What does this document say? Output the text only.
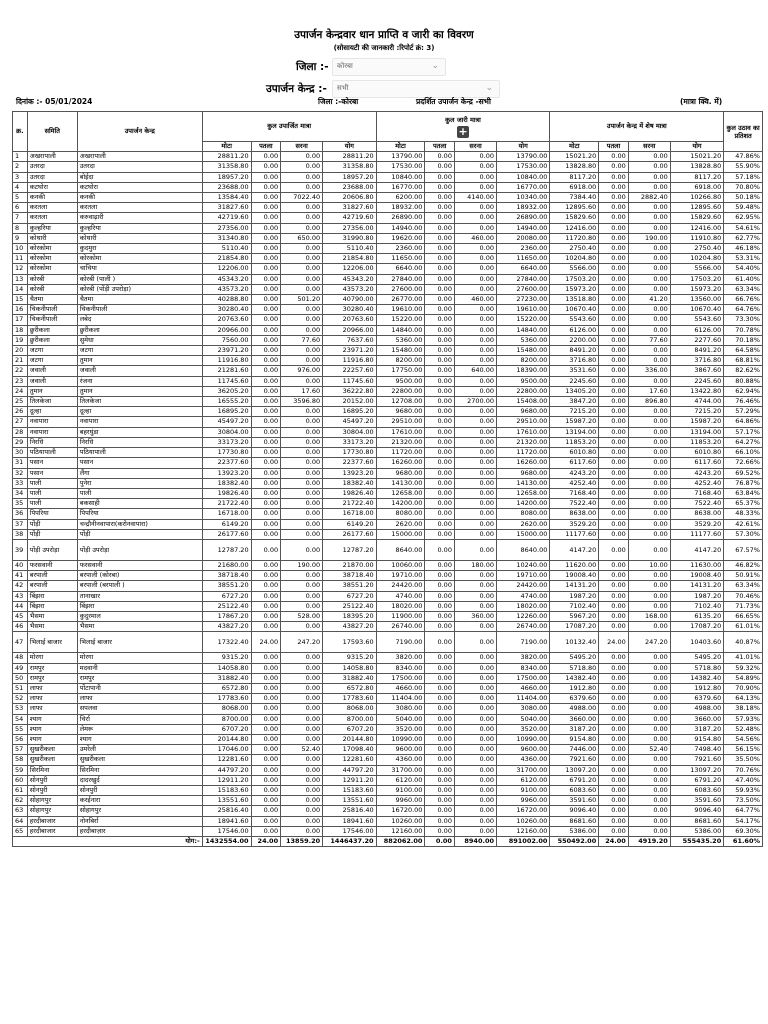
उपार्जन केन्द्रवार धान प्राप्ति व जारी का विवरण
(सोसायटी की जानकारी :रिपोर्ट क्रं: 3)
जिला :-	कोरबा	⌄
उपार्जन केन्द्र :-	सभी	⌄
दिनांक :- 05/01/2024	जिला :-कोरबा	प्रदर्शित उपार्जन केन्द्र -सभी	(मात्रा क्वि. में)
क्र.	समिति	उपार्जन केन्द्र	कुल उपार्जित मात्रा				कुल जारी मात्रा
+				उपार्जन केन्द्र में शेष मात्रा				कुल उठाव का प्रतिशत
			मोटा	पतला	सरना	योग	मोटा	पतला	सरना	योग	मोटा	पतला	सरना	योग	
1	अखरापाली	अखरापाली	28811.20	0.00	0.00	28811.20	13790.00	0.00	0.00	13790.00	15021.20	0.00	0.00	15021.20	47.86%
2	उतरदा	उतरदा	31358.80	0.00	0.00	31358.80	17530.00	0.00	0.00	17530.00	13828.80	0.00	0.00	13828.80	55.90%
3	उतरदा	बोईदा	18957.20	0.00	0.00	18957.20	10840.00	0.00	0.00	10840.00	8117.20	0.00	0.00	8117.20	57.18%
4	कटघोरा	कटघोरा	23688.00	0.00	0.00	23688.00	16770.00	0.00	0.00	16770.00	6918.00	0.00	0.00	6918.00	70.80%
5	कनकी	कनकी	13584.40	0.00	7022.40	20606.80	6200.00	0.00	4140.00	10340.00	7384.40	0.00	2882.40	10266.80	50.18%
6	करतला	करतला	31827.60	0.00	0.00	31827.60	18932.00	0.00	0.00	18932.00	12895.60	0.00	0.00	12895.60	59.48%
7	करतला	करुवाढ़ारी	42719.60	0.00	0.00	42719.60	26890.00	0.00	0.00	26890.00	15829.60	0.00	0.00	15829.60	62.95%
8	कुल्हरिया	कुल्हरिया	27356.00	0.00	0.00	27356.00	14940.00	0.00	0.00	14940.00	12416.00	0.00	0.00	12416.00	54.61%
9	कोथारी	कोथारी	31340.80	0.00	650.00	31990.80	19620.00	0.00	460.00	20080.00	11720.80	0.00	190.00	11910.80	62.77%
10	कोरकोमा	कुदमुरा	5110.40	0.00	0.00	5110.40	2360.00	0.00	0.00	2360.00	2750.40	0.00	0.00	2750.40	46.18%
11	कोरकोमा	कोरकोमा	21854.80	0.00	0.00	21854.80	11650.00	0.00	0.00	11650.00	10204.80	0.00	0.00	10204.80	53.31%
12	कोरकोमा	चाचिया	12206.00	0.00	0.00	12206.00	6640.00	0.00	0.00	6640.00	5566.00	0.00	0.00	5566.00	54.40%
13	कोरबी	कोरबी (पाली )	45343.20	0.00	0.00	45343.20	27840.00	0.00	0.00	27840.00	17503.20	0.00	0.00	17503.20	61.40%
14	कोरबी	कोरबी (पोंड़ी उपरोड़ा)	43573.20	0.00	0.00	43573.20	27600.00	0.00	0.00	27600.00	15973.20	0.00	0.00	15973.20	63.34%
15	चैतमा	चैतमा	40288.80	0.00	501.20	40790.00	26770.00	0.00	460.00	27230.00	13518.80	0.00	41.20	13560.00	66.76%
16	चिकनीपाली	चिकनीपाली	30280.40	0.00	0.00	30280.40	19610.00	0.00	0.00	19610.00	10670.40	0.00	0.00	10670.40	64.76%
17	चिकनीपाली	लबेद	20763.60	0.00	0.00	20763.60	15220.00	0.00	0.00	15220.00	5543.60	0.00	0.00	5543.60	73.30%
18	छुरीकला	छुरीकला	20966.00	0.00	0.00	20966.00	14840.00	0.00	0.00	14840.00	6126.00	0.00	0.00	6126.00	70.78%
19	छुरीकला	सुमेधा	7560.00	0.00	77.60	7637.60	5360.00	0.00	0.00	5360.00	2200.00	0.00	77.60	2277.60	70.18%
20	जटगा	जटगा	23971.20	0.00	0.00	23971.20	15480.00	0.00	0.00	15480.00	8491.20	0.00	0.00	8491.20	64.58%
21	जटगा	तुमान	11916.80	0.00	0.00	11916.80	8200.00	0.00	0.00	8200.00	3716.80	0.00	0.00	3716.80	68.81%
22	जवाली	जवाली	21281.60	0.00	976.00	22257.60	17750.00	0.00	640.00	18390.00	3531.60	0.00	336.00	3867.60	82.62%
23	जवाली	रंजना	11745.60	0.00	0.00	11745.60	9500.00	0.00	0.00	9500.00	2245.60	0.00	0.00	2245.60	80.88%
24	तुमान	तुमान	36205.20	0.00	17.60	36222.80	22800.00	0.00	0.00	22800.00	13405.20	0.00	17.60	13422.80	62.94%
25	तिलकेजा	तिलकेजा	16555.20	0.00	3596.80	20152.00	12708.00	0.00	2700.00	15408.00	3847.20	0.00	896.80	4744.00	76.46%
26	दूल्हा	दूल्हा	16895.20	0.00	0.00	16895.20	9680.00	0.00	0.00	9680.00	7215.20	0.00	0.00	7215.20	57.29%
27	नवापारा	नवापारा	45497.20	0.00	0.00	45497.20	29510.00	0.00	0.00	29510.00	15987.20	0.00	0.00	15987.20	64.86%
28	नवापारा	बहरघुंडा	30804.00	0.00	0.00	30804.00	17610.00	0.00	0.00	17610.00	13194.00	0.00	0.00	13194.00	57.17%
29	निरधि	निरधि	33173.20	0.00	0.00	33173.20	21320.00	0.00	0.00	21320.00	11853.20	0.00	0.00	11853.20	64.27%
30	पठियापाली	पठियापाली	17730.80	0.00	0.00	17730.80	11720.00	0.00	0.00	11720.00	6010.80	0.00	0.00	6010.80	66.10%
31	पसान	पसान	22377.60	0.00	0.00	22377.60	16260.00	0.00	0.00	16260.00	6117.60	0.00	0.00	6117.60	72.66%
32	पसान	लैंगा	13923.20	0.00	0.00	13923.20	9680.00	0.00	0.00	9680.00	4243.20	0.00	0.00	4243.20	69.52%
33	पाली	पुनेरा	18382.40	0.00	0.00	18382.40	14130.00	0.00	0.00	14130.00	4252.40	0.00	0.00	4252.40	76.87%
34	पाली	पाली	19826.40	0.00	0.00	19826.40	12658.00	0.00	0.00	12658.00	7168.40	0.00	0.00	7168.40	63.84%
35	पाली	बकसाही	21722.40	0.00	0.00	21722.40	14200.00	0.00	0.00	14200.00	7522.40	0.00	0.00	7522.40	65.37%
36	पिपरिया	पिपरिया	16718.00	0.00	0.00	16718.00	8080.00	0.00	0.00	8080.00	8638.00	0.00	0.00	8638.00	48.33%
37	पोंड़ी	चन्द्रौनीनवापारा(करोनवापारा)	6149.20	0.00	0.00	6149.20	2620.00	0.00	0.00	2620.00	3529.20	0.00	0.00	3529.20	42.61%
38	पोंड़ी	पोंड़ी	26177.60	0.00	0.00	26177.60	15000.00	0.00	0.00	15000.00	11177.60	0.00	0.00	11177.60	57.30%
39	पोंड़ी उपरोड़ा	पोंड़ी उपरोड़ा	12787.20	0.00	0.00	12787.20	8640.00	0.00	0.00	8640.00	4147.20	0.00	0.00	4147.20	67.57%
40	फरसवानी	फरसवानी	21680.00	0.00	190.00	21870.00	10060.00	0.00	180.00	10240.00	11620.00	0.00	10.00	11630.00	46.82%
41	बरपाली	बरपाली (कोरबा)	38718.40	0.00	0.00	38718.40	19710.00	0.00	0.00	19710.00	19008.40	0.00	0.00	19008.40	50.91%
42	बरपाली	बरपाली (बरपाली )	38551.20	0.00	0.00	38551.20	24420.00	0.00	0.00	24420.00	14131.20	0.00	0.00	14131.20	63.34%
43	बिंझरा	तानाखार	6727.20	0.00	0.00	6727.20	4740.00	0.00	0.00	4740.00	1987.20	0.00	0.00	1987.20	70.46%
44	बिंझरा	बिंझरा	25122.40	0.00	0.00	25122.40	18020.00	0.00	0.00	18020.00	7102.40	0.00	0.00	7102.40	71.73%
45	भैसमा	कुदुरमाल	17867.20	0.00	528.00	18395.20	11900.00	0.00	360.00	12260.00	5967.20	0.00	168.00	6135.20	66.65%
46	भैसमा	भैसमा	43827.20	0.00	0.00	43827.20	26740.00	0.00	0.00	26740.00	17087.20	0.00	0.00	17087.20	61.01%
47	भिलाई बाजार	भिलाई बाजार	17322.40	24.00	247.20	17593.60	7190.00	0.00	0.00	7190.00	10132.40	24.00	247.20	10403.60	40.87%
48	मोरगा	मोरगा	9315.20	0.00	0.00	9315.20	3820.00	0.00	0.00	3820.00	5495.20	0.00	0.00	5495.20	41.01%
49	रामपुर	मदवानी	14058.80	0.00	0.00	14058.80	8340.00	0.00	0.00	8340.00	5718.80	0.00	0.00	5718.80	59.32%
50	रामपुर	रामपुर	31882.40	0.00	0.00	31882.40	17500.00	0.00	0.00	17500.00	14382.40	0.00	0.00	14382.40	54.89%
51	लाफा	पोंटापानी	6572.80	0.00	0.00	6572.80	4660.00	0.00	0.00	4660.00	1912.80	0.00	0.00	1912.80	70.90%
52	लाफा	लाफा	17783.60	0.00	0.00	17783.60	11404.00	0.00	0.00	11404.00	6379.60	0.00	0.00	6379.60	64.13%
53	लाफा	सपलवा	8068.00	0.00	0.00	8068.00	3080.00	0.00	0.00	3080.00	4988.00	0.00	0.00	4988.00	38.18%
54	श्याग	चिर्रा	8700.00	0.00	0.00	8700.00	5040.00	0.00	0.00	5040.00	3660.00	0.00	0.00	3660.00	57.93%
55	श्याग	लेमरू	6707.20	0.00	0.00	6707.20	3520.00	0.00	0.00	3520.00	3187.20	0.00	0.00	3187.20	52.48%
56	श्याग	श्याग	20144.80	0.00	0.00	20144.80	10990.00	0.00	0.00	10990.00	9154.80	0.00	0.00	9154.80	54.56%
57	सुखरीकला	उमरेली	17046.00	0.00	52.40	17098.40	9600.00	0.00	0.00	9600.00	7446.00	0.00	52.40	7498.40	56.15%
58	सुखरीकला	सुखरीकला	12281.60	0.00	0.00	12281.60	4360.00	0.00	0.00	4360.00	7921.60	0.00	0.00	7921.60	35.50%
59	सिरमिना	सिरमिना	44797.20	0.00	0.00	44797.20	31700.00	0.00	0.00	31700.00	13097.20	0.00	0.00	13097.20	70.76%
60	सोनपुरी	दादरखुर्द	12911.20	0.00	0.00	12911.20	6120.00	0.00	0.00	6120.00	6791.20	0.00	0.00	6791.20	47.40%
61	सोनपुरी	सोनपुरी	15183.60	0.00	0.00	15183.60	9100.00	0.00	0.00	9100.00	6083.60	0.00	0.00	6083.60	59.93%
62	सोहागपुर	करईनारा	13551.60	0.00	0.00	13551.60	9960.00	0.00	0.00	9960.00	3591.60	0.00	0.00	3591.60	73.50%
63	सोहागपुर	सोहागपुर	25816.40	0.00	0.00	25816.40	16720.00	0.00	0.00	16720.00	9096.40	0.00	0.00	9096.40	64.77%
64	हरदीबाजार	नोनबिर्रा	18941.60	0.00	0.00	18941.60	10260.00	0.00	0.00	10260.00	8681.60	0.00	0.00	8681.60	54.17%
65	हरदीबाजार	हरदीबाज़ार	17546.00	0.00	0.00	17546.00	12160.00	0.00	0.00	12160.00	5386.00	0.00	0.00	5386.00	69.30%
योग:-			1432554.00	24.00	13859.20	1446437.20	882062.00	0.00	8940.00	891002.00	550492.00	24.00	4919.20	555435.20	61.60%
